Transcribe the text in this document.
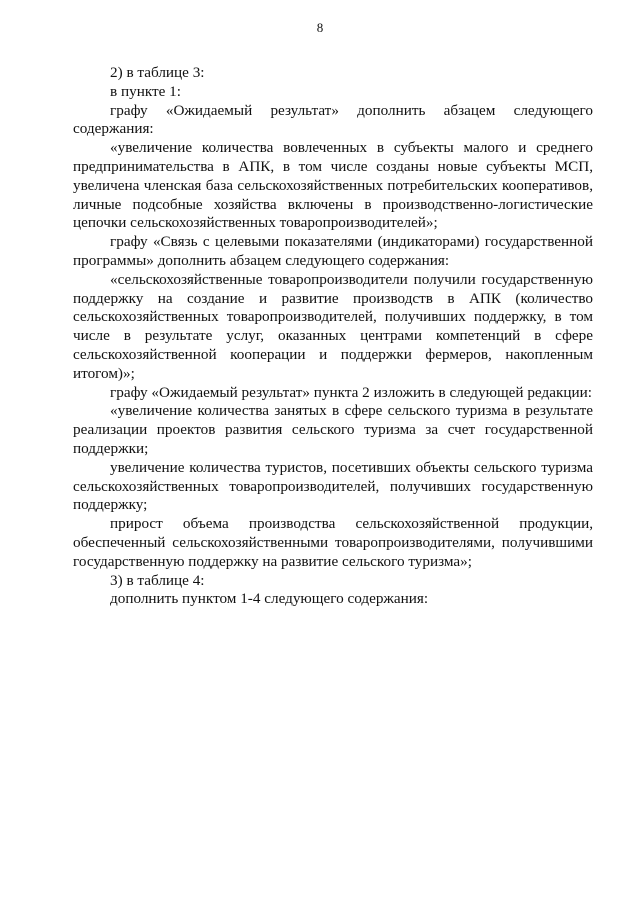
8

2) в таблице 3:

в пункте 1:

графу «Ожидаемый результат» дополнить абзацем следующего содержания:

«увеличение количества вовлеченных в субъекты малого и среднего предпринимательства в АПК, в том числе созданы новые субъекты МСП, увеличена членская база сельскохозяйственных потребительских кооперативов, личные подсобные хозяйства включены в производственно-логистические цепочки сельскохозяйственных товаропроизводителей»;

графу «Связь с целевыми показателями (индикаторами) государственной программы» дополнить абзацем следующего содержания:

«сельскохозяйственные товаропроизводители получили государственную поддержку на создание и развитие производств в АПК (количество сельскохозяйственных товаропроизводителей, получивших поддержку, в том числе в результате услуг, оказанных центрами компетенций в сфере сельскохозяйственной кооперации и поддержки фермеров, накопленным итогом)»;

графу «Ожидаемый результат» пункта 2 изложить в следующей редакции:

«увеличение количества занятых в сфере сельского туризма в результате реализации проектов развития сельского туризма за счет государственной поддержки;

увеличение количества туристов, посетивших объекты сельского туризма сельскохозяйственных товаропроизводителей, получивших государственную поддержку;

прирост объема производства сельскохозяйственной продукции, обеспеченный сельскохозяйственными товаропроизводителями, получившими государственную поддержку на развитие сельского туризма»;

3) в таблице 4:

дополнить пунктом 1-4 следующего содержания:
